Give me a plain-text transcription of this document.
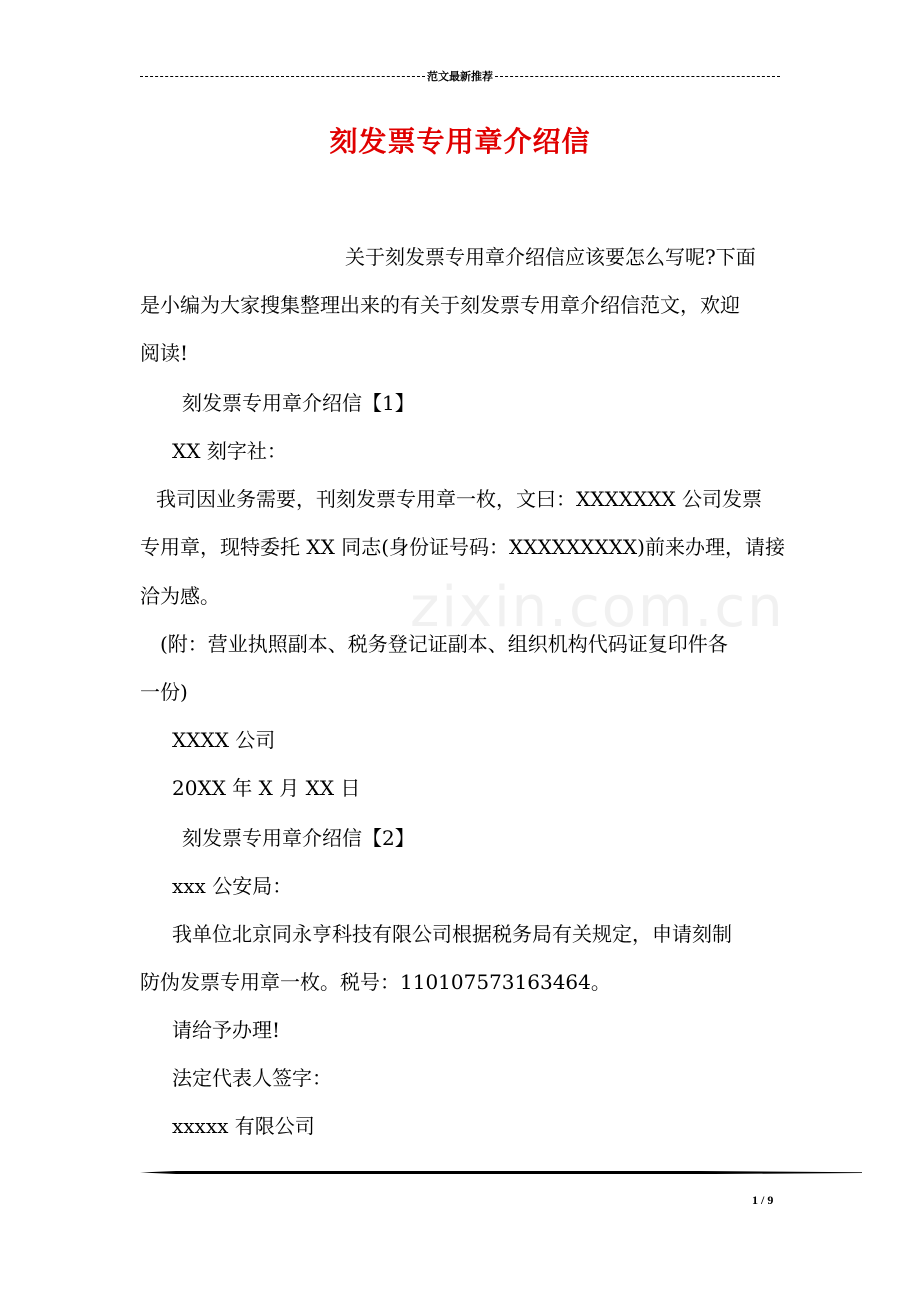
范文最新推荐
刻发票专用章介绍信
zixin.com.cn
关于刻发票专用章介绍信应该要怎么写呢?下面
是小编为大家搜集整理出来的有关于刻发票专用章介绍信范文，欢迎
阅读!
刻发票专用章介绍信【1】
XX 刻字社：
我司因业务需要，刊刻发票专用章一枚，文曰：XXXXXXX 公司发票
专用章，现特委托 XX 同志(身份证号码：XXXXXXXXX)前来办理，请接
洽为感。
(附：营业执照副本、税务登记证副本、组织机构代码证复印件各
一份)
XXXX 公司
20XX 年 X 月 XX 日
刻发票专用章介绍信【2】
xxx 公安局：
我单位北京同永亨科技有限公司根据税务局有关规定，申请刻制
防伪发票专用章一枚。税号：110107573163464。
请给予办理!
法定代表人签字：
xxxxx 有限公司
1 / 9
